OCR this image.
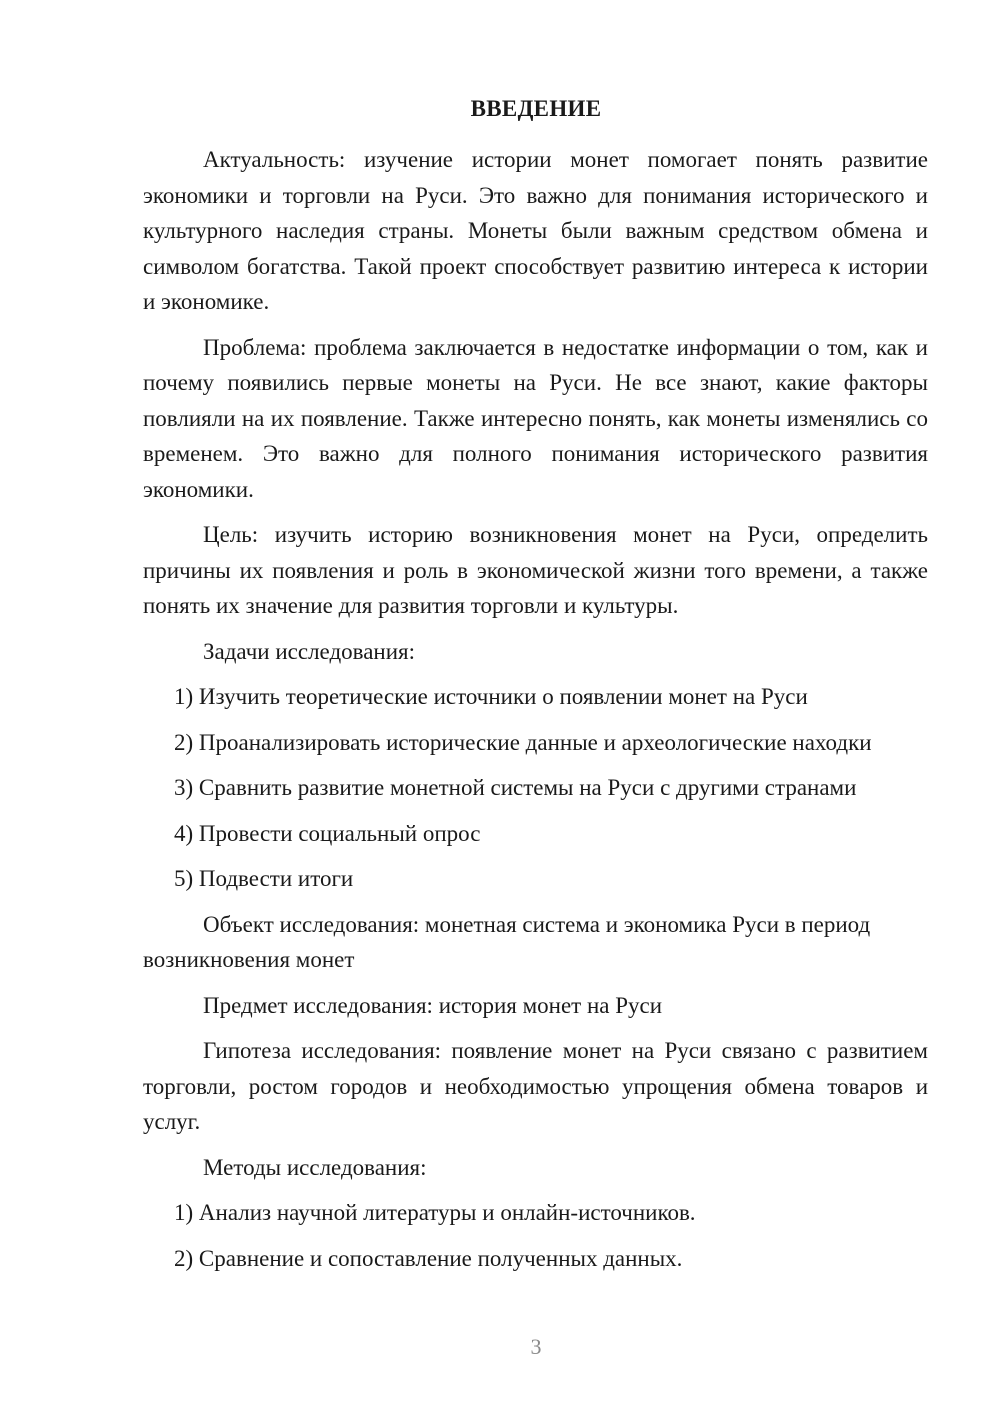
ВВЕДЕНИЕ

Актуальность: изучение истории монет помогает понять развитие экономики и торговли на Руси. Это важно для понимания исторического и культурного наследия страны. Монеты были важным средством обмена и символом богатства. Такой проект способствует развитию интереса к истории и экономике.

Проблема: проблема заключается в недостатке информации о том, как и почему появились первые монеты на Руси. Не все знают, какие факторы повлияли на их появление. Также интересно понять, как монеты изменялись со временем. Это важно для полного понимания исторического развития экономики.

Цель: изучить историю возникновения монет на Руси, определить причины их появления и роль в экономической жизни того времени, а также понять их значение для развития торговли и культуры.

Задачи исследования:

1) Изучить теоретические источники о появлении монет на Руси

2) Проанализировать исторические данные и археологические находки

3) Сравнить развитие монетной системы на Руси с другими странами

4) Провести социальный опрос

5) Подвести итоги

Объект исследования: монетная система и экономика Руси в период возникновения монет

Предмет исследования: история монет на Руси

Гипотеза исследования: появление монет на Руси связано с развитием торговли, ростом городов и необходимостью упрощения обмена товаров и услуг.

Методы исследования:

1) Анализ научной литературы и онлайн-источников.

2) Сравнение и сопоставление полученных данных.

3
